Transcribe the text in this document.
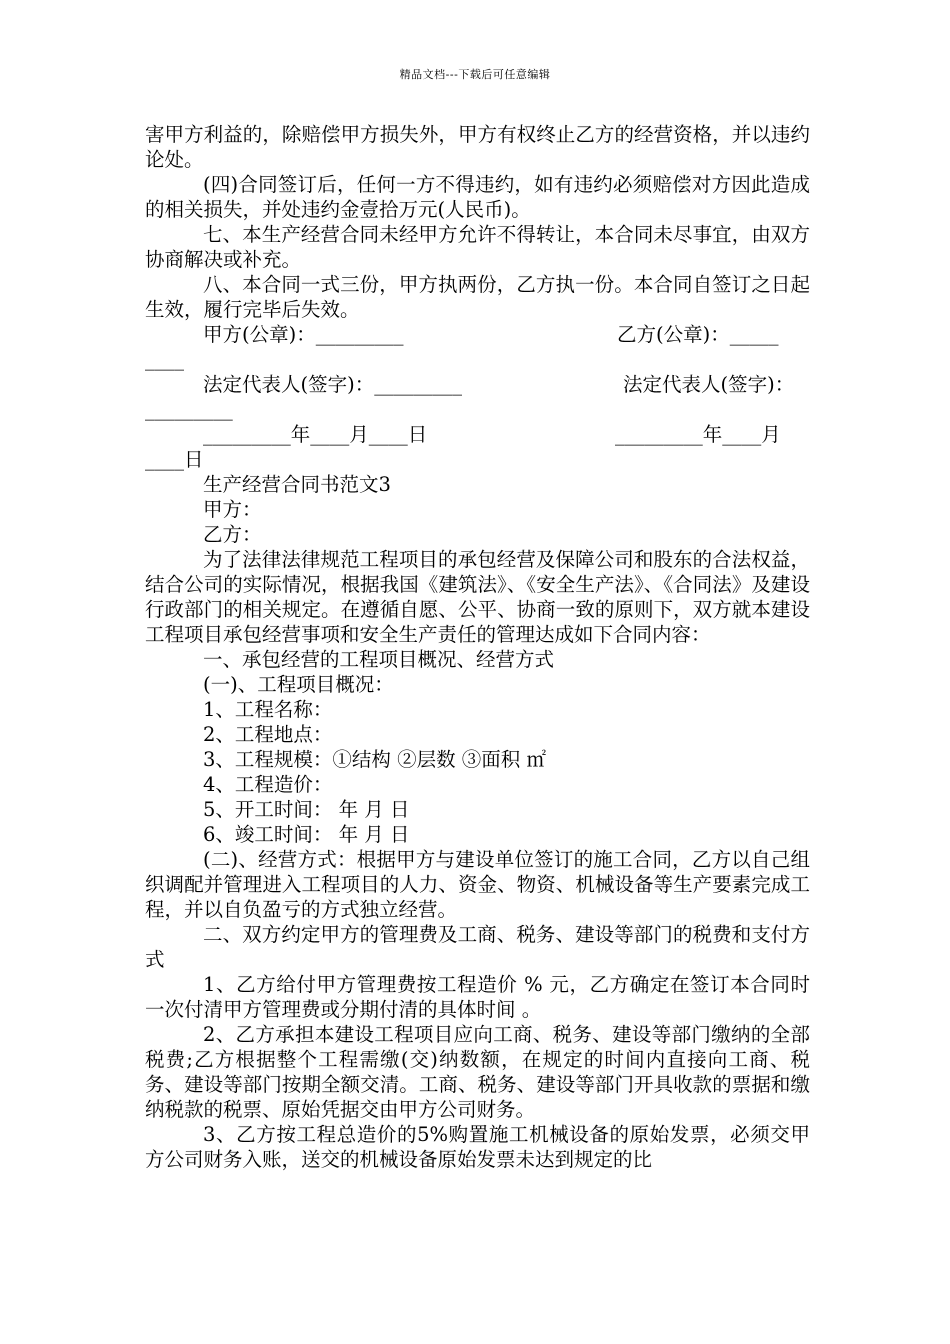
精品文档---下载后可任意编辑

害甲方利益的，除赔偿甲方损失外，甲方有权终止乙方的经营资格，并以违约论处。

(四)合同签订后，任何一方不得违约，如有违约必须赔偿对方因此造成的相关损失，并处违约金壹拾万元(人民币)。

七、本生产经营合同未经甲方允许不得转让，本合同未尽事宜，由双方协商解决或补充。

八、本合同一式三份，甲方执两份，乙方执一份。本合同自签订之日起生效，履行完毕后失效。

甲方(公章)：_________	乙方(公章)：_____
____
法定代表人(签字)：_________	法定代表人(签字)：
_________
_________年____月____日	_________年____月
____日

生产经营合同书范文3

甲方：

乙方：

为了法律法律规范工程项目的承包经营及保障公司和股东的合法权益，结合公司的实际情况，根据我国《建筑法》、《安全生产法》、《合同法》及建设行政部门的相关规定。在遵循自愿、公平、协商一致的原则下，双方就本建设工程项目承包经营事项和安全生产责任的管理达成如下合同内容：

一、承包经营的工程项目概况、经营方式

(一)、工程项目概况：

1、工程名称：

2、工程地点：

3、工程规模：①结构 ②层数 ③面积 ㎡

4、工程造价：

5、开工时间： 年 月 日

6、竣工时间： 年 月 日

(二)、经营方式：根据甲方与建设单位签订的施工合同，乙方以自己组织调配并管理进入工程项目的人力、资金、物资、机械设备等生产要素完成工程，并以自负盈亏的方式独立经营。

二、双方约定甲方的管理费及工商、税务、建设等部门的税费和支付方式

1、乙方给付甲方管理费按工程造价 % 元，乙方确定在签订本合同时一次付清甲方管理费或分期付清的具体时间 。

2、乙方承担本建设工程项目应向工商、税务、建设等部门缴纳的全部税费;乙方根据整个工程需缴(交)纳数额，在规定的时间内直接向工商、税务、建设等部门按期全额交清。工商、税务、建设等部门开具收款的票据和缴纳税款的税票、原始凭据交由甲方公司财务。

3、乙方按工程总造价的5%购置施工机械设备的原始发票，必须交甲方公司财务入账，送交的机械设备原始发票未达到规定的比
